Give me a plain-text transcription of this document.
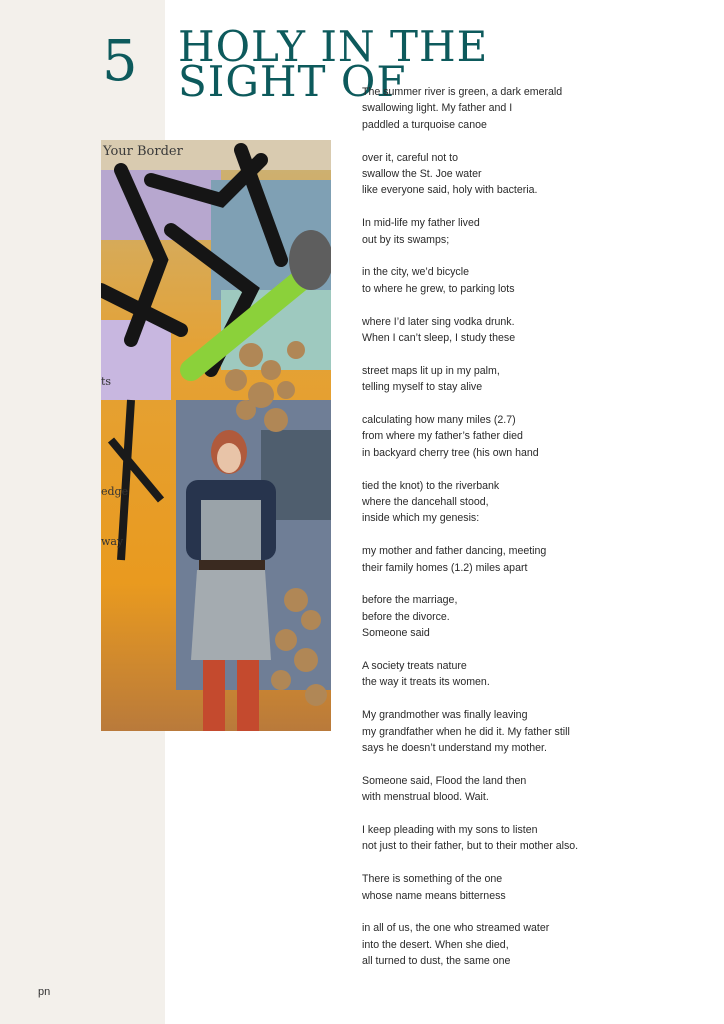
5 HOLY IN THE SIGHT OF
Your Border
ts
edge
way
The summer river is green, a dark emerald
swallowing light. My father and I
paddled a turquoise canoe
over it, careful not to
swallow the St. Joe water
like everyone said, holy with bacteria.
In mid-life my father lived
out by its swamps;
in the city, we’d bicycle
to where he grew, to parking lots
where I’d later sing vodka drunk.
When I can’t sleep, I study these
street maps lit up in my palm,
telling myself to stay alive
calculating how many miles (2.7)
from where my father’s father died
in backyard cherry tree (his own hand
tied the knot) to the riverbank
where the dancehall stood,
inside which my genesis:
my mother and father dancing, meeting
their family homes (1.2) miles apart
before the marriage,
before the divorce.
Someone said
A society treats nature
the way it treats its women.
My grandmother was finally leaving
my grandfather when he did it. My father still
says he doesn’t understand my mother.
Someone said, Flood the land then
with menstrual blood. Wait.
I keep pleading with my sons to listen
not just to their father, but to their mother also.
There is something of the one
whose name means bitterness
in all of us, the one who streamed water
into the desert. When she died,
all turned to dust, the same one
pn
